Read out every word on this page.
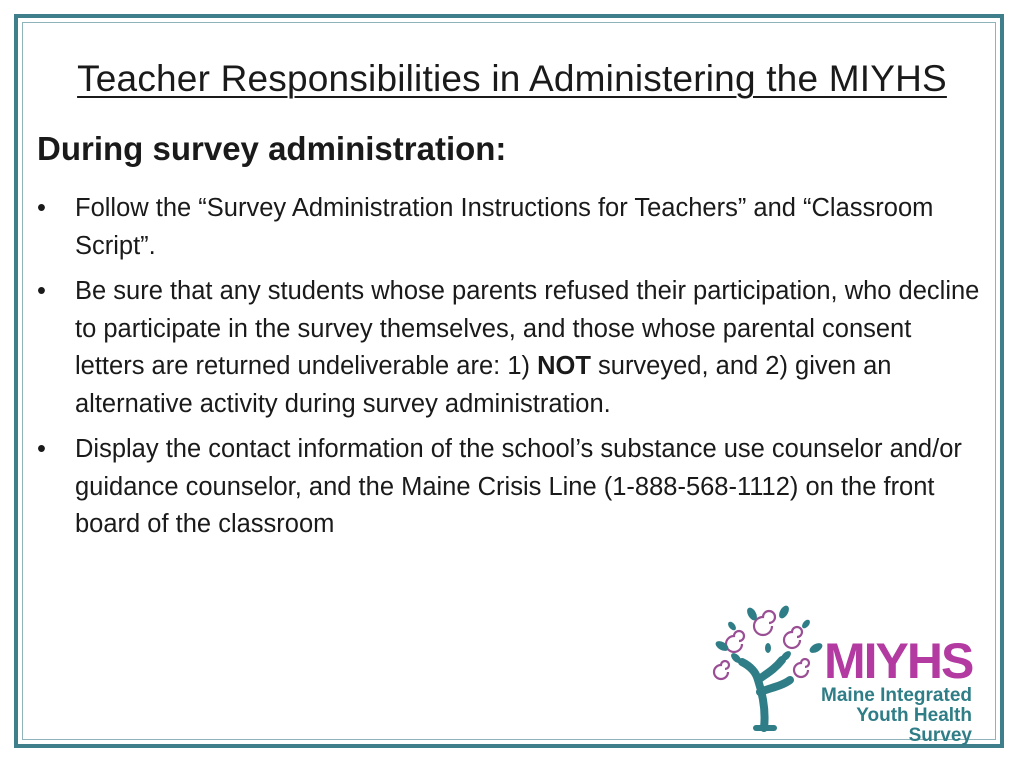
Teacher Responsibilities in Administering the MIYHS
During survey administration:
• Follow the “Survey Administration Instructions for Teachers” and “Classroom Script”.
• Be sure that any students whose parents refused their participation, who decline to participate in the survey themselves, and those whose parental consent letters are returned undeliverable are: 1) NOT surveyed, and 2) given an alternative activity during survey administration.
• Display the contact information of the school’s substance use counselor and/or guidance counselor, and the Maine Crisis Line (1-888-568-1112) on the front board of the classroom
MIYHS
Maine Integrated
Youth Health Survey
